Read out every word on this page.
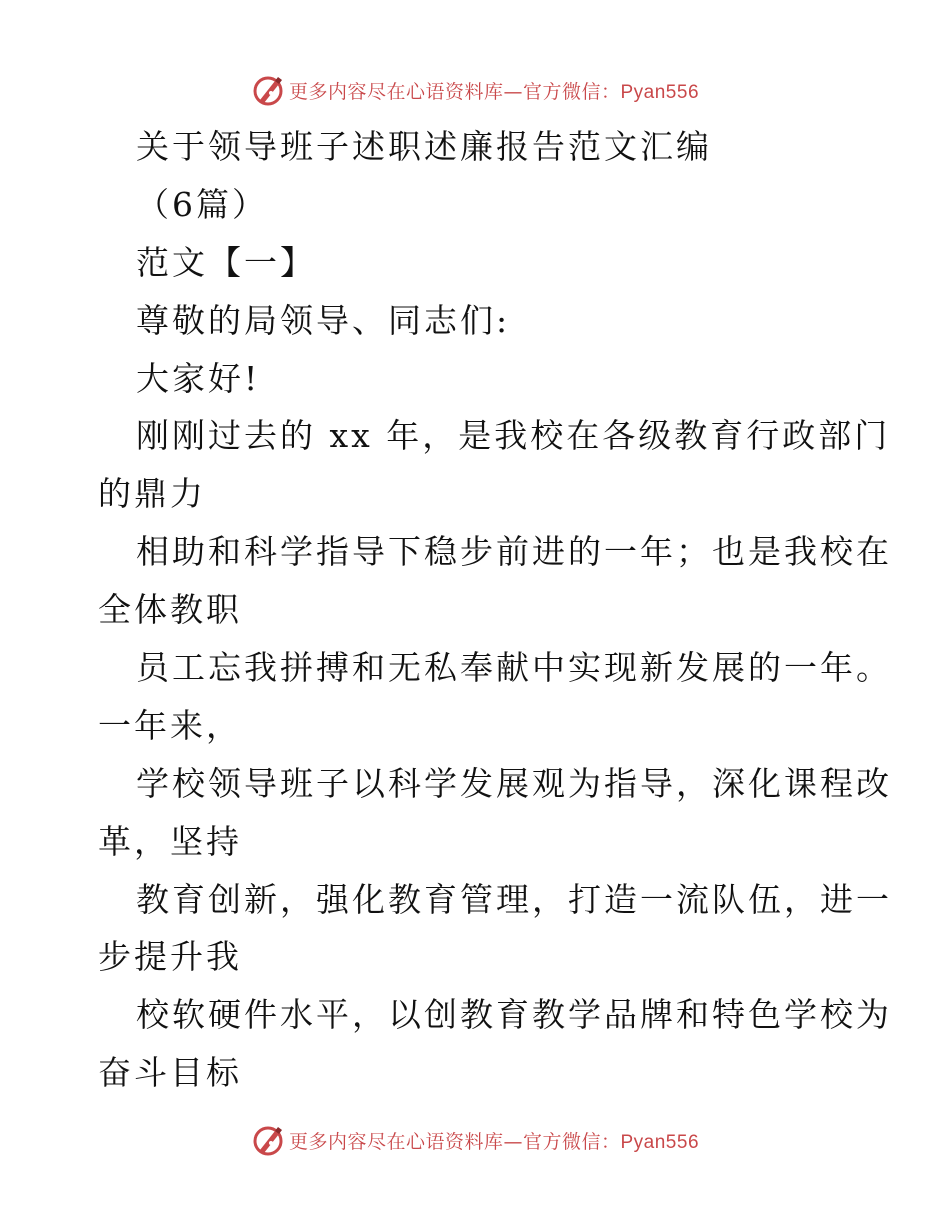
更多内容尽在心语资料库—官方微信：Pyan556
关于领导班子述职述廉报告范文汇编
（6篇）
范文【一】
尊敬的局领导、同志们:
大家好!
刚刚过去的 xx 年，是我校在各级教育行政部门
的鼎力
相助和科学指导下稳步前进的一年；也是我校在
全体教职
员工忘我拼搏和无私奉献中实现新发展的一年。
一年来，
学校领导班子以科学发展观为指导，深化课程改
革，坚持
教育创新，强化教育管理，打造一流队伍，进一
步提升我
校软硬件水平，以创教育教学品牌和特色学校为
奋斗目标
更多内容尽在心语资料库—官方微信：Pyan556
